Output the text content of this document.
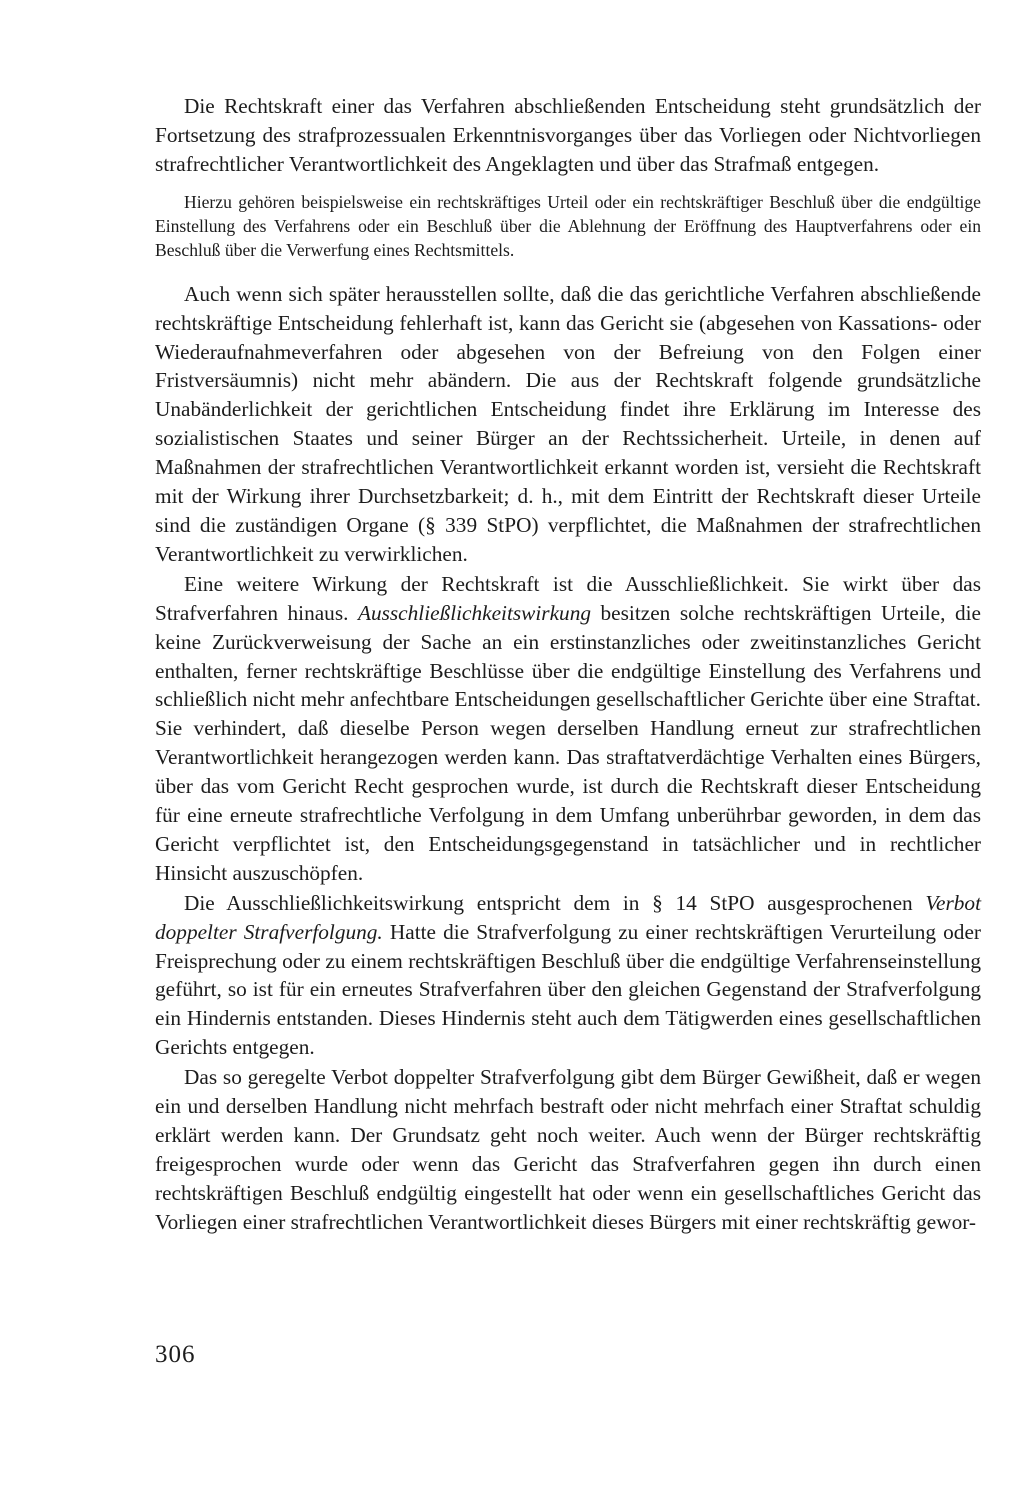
Die Rechtskraft einer das Verfahren abschließenden Entscheidung steht grundsätzlich der Fortsetzung des strafprozessualen Erkenntnisvorganges über das Vorliegen oder Nichtvorliegen strafrechtlicher Verantwortlichkeit des Angeklagten und über das Strafmaß entgegen.

Hierzu gehören beispielsweise ein rechtskräftiges Urteil oder ein rechtskräftiger Beschluß über die endgültige Einstellung des Verfahrens oder ein Beschluß über die Ablehnung der Eröffnung des Hauptverfahrens oder ein Beschluß über die Verwerfung eines Rechtsmittels.

Auch wenn sich später herausstellen sollte, daß die das gerichtliche Verfahren abschließende rechtskräftige Entscheidung fehlerhaft ist, kann das Gericht sie (abgesehen von Kassations- oder Wiederaufnahmeverfahren oder abgesehen von der Befreiung von den Folgen einer Fristversäumnis) nicht mehr abändern. Die aus der Rechtskraft folgende grundsätzliche Unabänderlichkeit der gerichtlichen Entscheidung findet ihre Erklärung im Interesse des sozialistischen Staates und seiner Bürger an der Rechtssicherheit. Urteile, in denen auf Maßnahmen der strafrechtlichen Verantwortlichkeit erkannt worden ist, versieht die Rechtskraft mit der Wirkung ihrer Durchsetzbarkeit; d. h., mit dem Eintritt der Rechtskraft dieser Urteile sind die zuständigen Organe (§ 339 StPO) verpflichtet, die Maßnahmen der strafrechtlichen Verantwortlichkeit zu verwirklichen.

Eine weitere Wirkung der Rechtskraft ist die Ausschließlichkeit. Sie wirkt über das Strafverfahren hinaus. Ausschließlichkeitswirkung besitzen solche rechtskräftigen Urteile, die keine Zurückverweisung der Sache an ein erstinstanzliches oder zweitinstanzliches Gericht enthalten, ferner rechtskräftige Beschlüsse über die endgültige Einstellung des Verfahrens und schließlich nicht mehr anfechtbare Entscheidungen gesellschaftlicher Gerichte über eine Straftat. Sie verhindert, daß dieselbe Person wegen derselben Handlung erneut zur strafrechtlichen Verantwortlichkeit herangezogen werden kann. Das straftatverdächtige Verhalten eines Bürgers, über das vom Gericht Recht gesprochen wurde, ist durch die Rechtskraft dieser Entscheidung für eine erneute strafrechtliche Verfolgung in dem Umfang unberührbar geworden, in dem das Gericht verpflichtet ist, den Entscheidungsgegenstand in tatsächlicher und in rechtlicher Hinsicht auszuschöpfen.

Die Ausschließlichkeitswirkung entspricht dem in § 14 StPO ausgesprochenen Verbot doppelter Strafverfolgung. Hatte die Strafverfolgung zu einer rechtskräftigen Verurteilung oder Freisprechung oder zu einem rechtskräftigen Beschluß über die endgültige Verfahrenseinstellung geführt, so ist für ein erneutes Strafverfahren über den gleichen Gegenstand der Strafverfolgung ein Hindernis entstanden. Dieses Hindernis steht auch dem Tätigwerden eines gesellschaftlichen Gerichts entgegen.

Das so geregelte Verbot doppelter Strafverfolgung gibt dem Bürger Gewißheit, daß er wegen ein und derselben Handlung nicht mehrfach bestraft oder nicht mehrfach einer Straftat schuldig erklärt werden kann. Der Grundsatz geht noch weiter. Auch wenn der Bürger rechtskräftig freigesprochen wurde oder wenn das Gericht das Strafverfahren gegen ihn durch einen rechtskräftigen Beschluß endgültig eingestellt hat oder wenn ein gesellschaftliches Gericht das Vorliegen einer strafrechtlichen Verantwortlichkeit dieses Bürgers mit einer rechtskräftig gewor-

306
